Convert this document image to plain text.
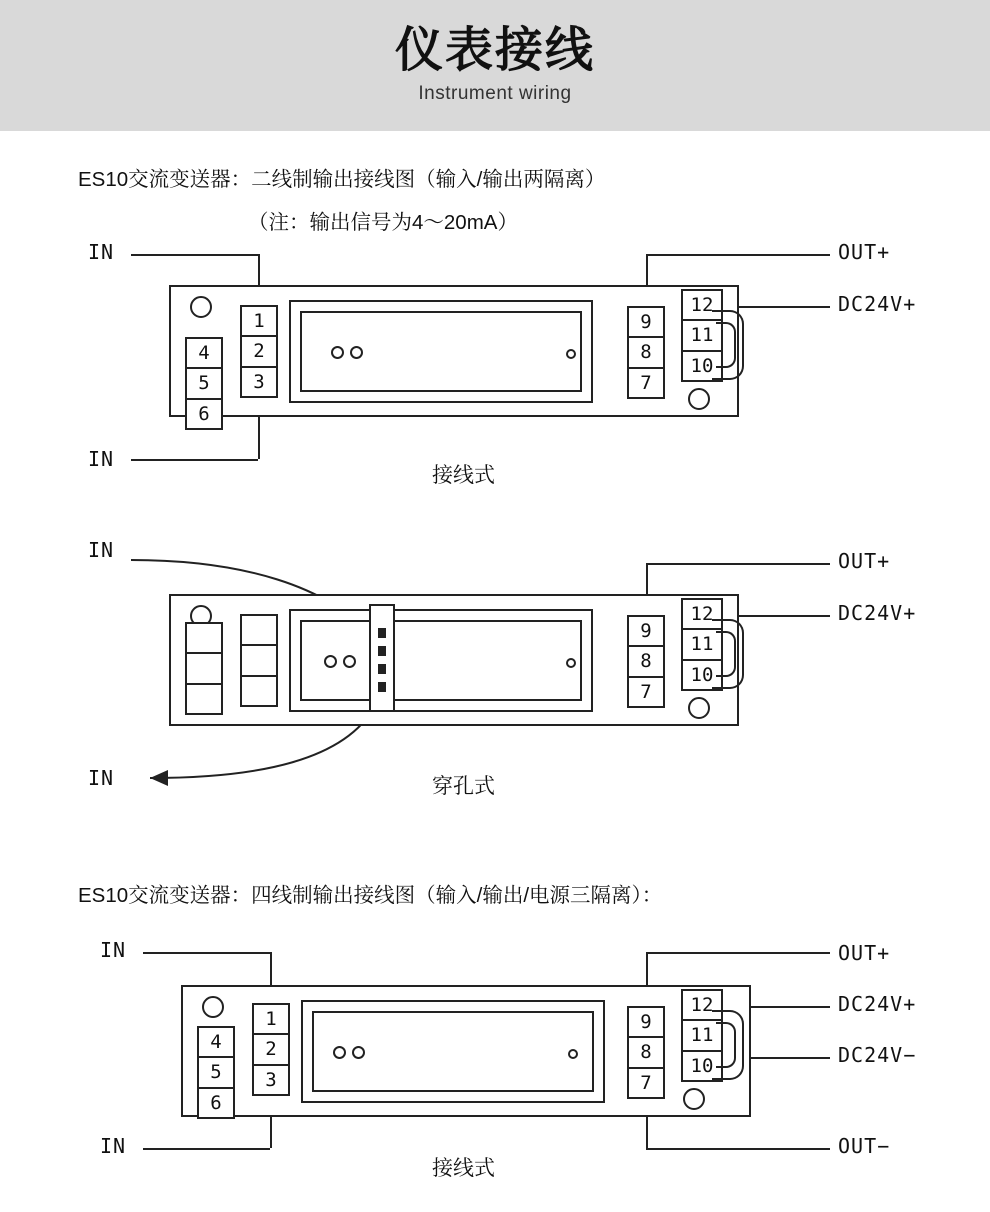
仪表接线
Instrument wiring
ES10交流变送器：二线制输出接线图（输入/输出两隔离）
（注：输出信号为4～20mA）
IN
IN
OUT+
DC24V+
4
5
6
1
2
3
9
8
7
12
11
10
接线式
IN
IN
OUT+
DC24V+
9
8
7
12
11
10
穿孔式
ES10交流变送器：四线制输出接线图（输入/输出/电源三隔离）：
IN
IN
OUT+
DC24V+
DC24V−
OUT−
4
5
6
1
2
3
9
8
7
12
11
10
接线式
